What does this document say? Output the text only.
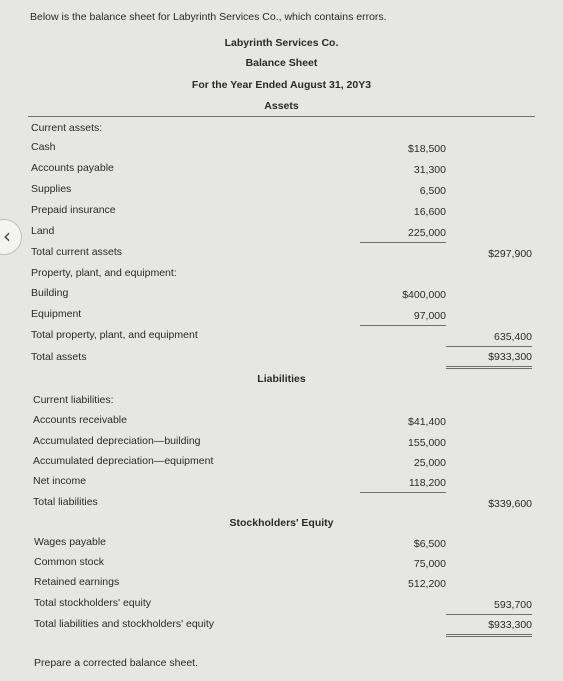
‹
Below is the balance sheet for Labyrinth Services Co., which contains errors.
Labyrinth Services Co.
Balance Sheet
For the Year Ended August 31, 20Y3
Assets
Current assets:
Cash	$18,500
Accounts payable	31,300
Supplies	6,500
Prepaid insurance	16,600
Land	225,000
Total current assets	$297,900
Property, plant, and equipment:
Building	$400,000
Equipment	97,000
Total property, plant, and equipment	635,400
Total assets	$933,300
Liabilities
Current liabilities:
Accounts receivable	$41,400
Accumulated depreciation—building	155,000
Accumulated depreciation—equipment	25,000
Net income	118,200
Total liabilities	$339,600
Stockholders' Equity
Wages payable	$6,500
Common stock	75,000
Retained earnings	512,200
Total stockholders' equity	593,700
Total liabilities and stockholders' equity	$933,300
Prepare a corrected balance sheet.
